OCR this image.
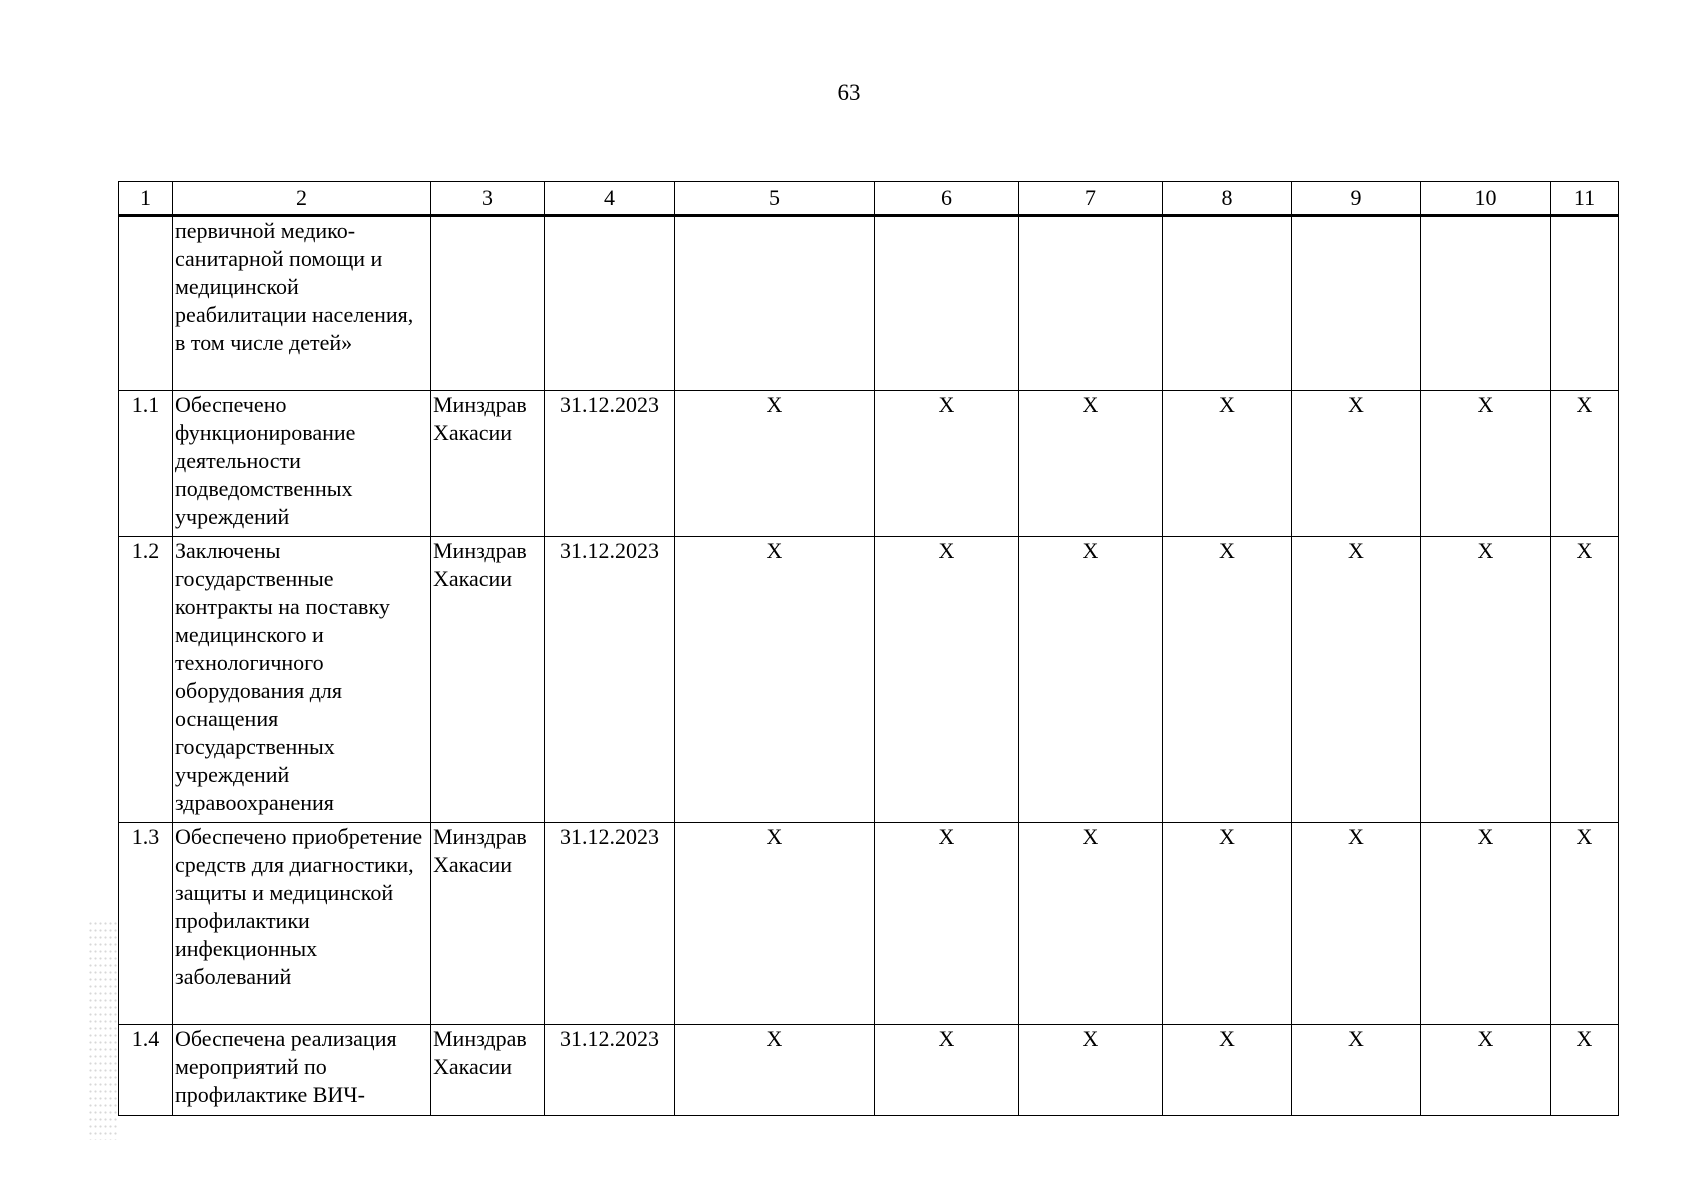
63
1	2	3	4	5	6	7	8	9	10	11
	первичной медико-санитарной помощи и медицинской реабилитации населения, в том числе детей»									
1.1	Обеспечено функционирование деятельности подведомственных учреждений	Минздрав Хакасии	31.12.2023	X	X	X	X	X	X	X
1.2	Заключены государственные контракты на поставку медицинского и технологичного оборудования для оснащения государственных учреждений здравоохранения	Минздрав Хакасии	31.12.2023	X	X	X	X	X	X	X
1.3	Обеспечено приобретение средств для диагностики, защиты и медицинской профилактики инфекционных заболеваний	Минздрав Хакасии	31.12.2023	X	X	X	X	X	X	X
1.4	Обеспечена реализация мероприятий по профилактике ВИЧ-	Минздрав Хакасии	31.12.2023	X	X	X	X	X	X	X
